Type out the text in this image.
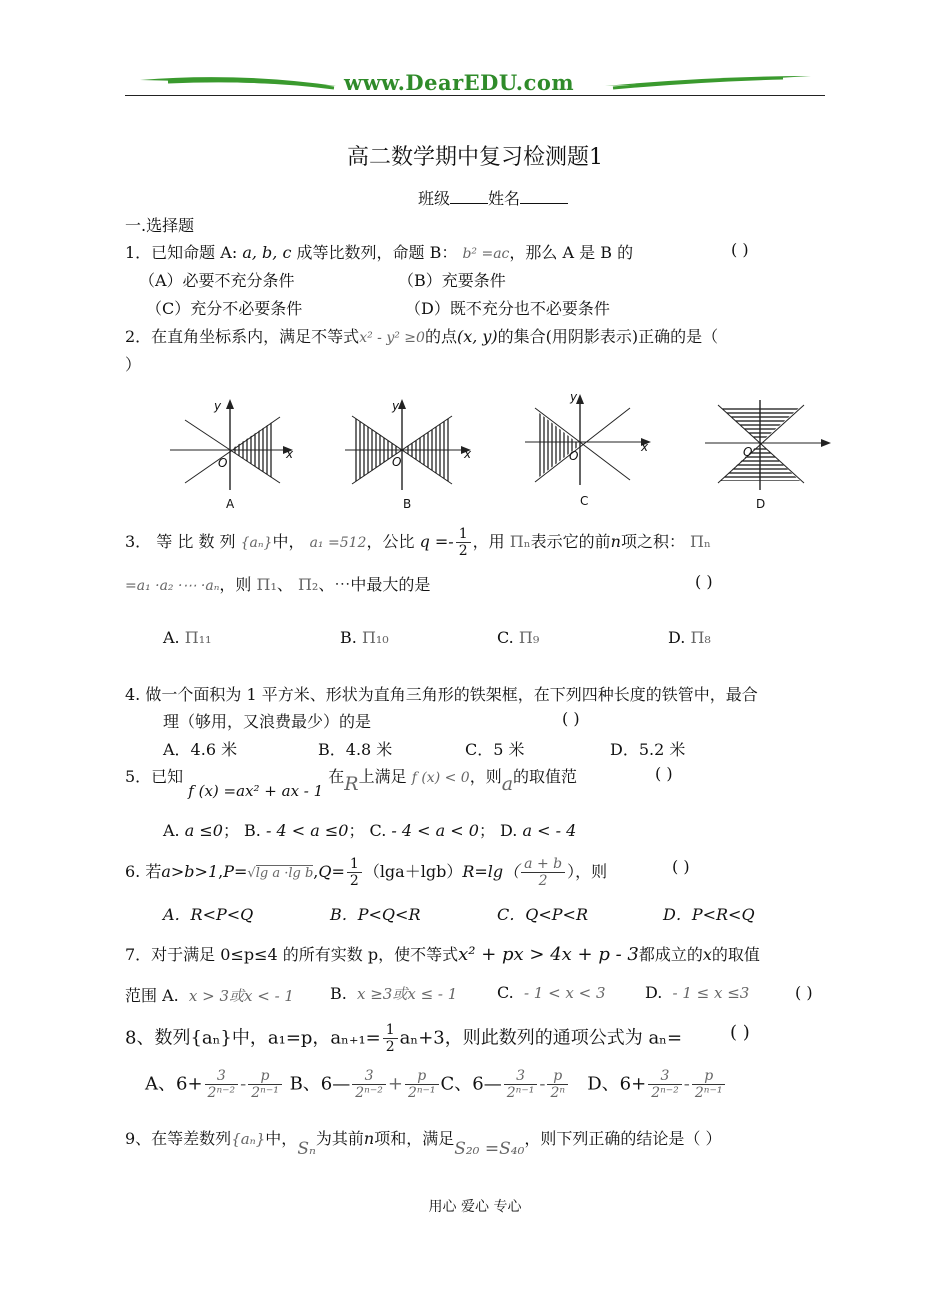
www.DearEDU.com
高二数学期中复习检测题1
班级 姓名
一.选择题
1．已知命题 A: a, b, c 成等比数列，命题 B： b² =ac，那么 A 是 B 的	( )
（A）必要不充分条件	（B）充要条件
（C）充分不必要条件	（D）既不充分也不必要条件
2．在直角坐标系内，满足不等式x² - y² ≥0的点(x, y)的集合(用阴影表示)正确的是（
）
y
x
O
A
y
x
O
B
y
x
O
C
O
D
3． 等 比 数 列 {aₙ}中， a₁ =512，公比 $q =- \frac{1}{2}$ ，用 Πₙ表示它的前n项之积： Πₙ
=a₁ ·a₂ ·⋯ ·aₙ，则 Π₁、 Π₂、⋯中最大的是	( )
A. Π₁₁	B. Π₁₀	C. Π₉	D. Π₈
4. 做一个面积为 1 平方米、形状为直角三角形的铁架框，在下列四种长度的铁管中，最合
理（够用，又浪费最少）的是	( )
A．4.6 米	B．4.8 米	C．5 米	D．5.2 米
5．已知 f (x) =ax² + ax - 1 在R上满足 f (x) < 0，则a的取值范	( )
A. a ≤0； B. - 4 < a ≤0； C. - 4 < a < 0； D. a < - 4
6. 若a>b>1,P=√lg a ·lg $b,Q= \frac{1}{2} (\lg a+\lg b)R=\lg( \frac{a + b}{2}$ ），则	( )
A．R<P<Q	B．P<Q<R	C．Q<P<R	D．P<R<Q
7．对于满足 0≤p≤4 的所有实数 p，使不等式x² + px > 4x + p - 3都成立的x的取值
范围 A. x > 3或x < - 1 B. x ≥3或x ≤ - 1 C. - 1 < x < 3 D. - 1 ≤ x ≤3	( )
8、数列{aₙ}中，a₁=p，$a_{n+1}= \frac{1}{2} a_n+3$，则此数列的通项公式为 aₙ=	( )
A、$6+ \frac{3}{\text{2ⁿ⁻²}} - \frac{p}{\text{2ⁿ⁻¹}}$ B、6— $\frac{3}{\text{2ⁿ⁻²}} + \frac{p}{\text{2ⁿ⁻¹}}$ C、6— $\frac{3}{\text{2ⁿ⁻¹}} - \frac{p}{\text{2ⁿ}}$ D、$6+ \frac{3}{\text{2ⁿ⁻²}} - \frac{p}{\text{2ⁿ⁻¹}}$
9、在等差数列{aₙ}中，Sₙ为其前n项和，满足S₂₀ =S₄₀，则下列正确的结论是（ ）
用心 爱心 专心
